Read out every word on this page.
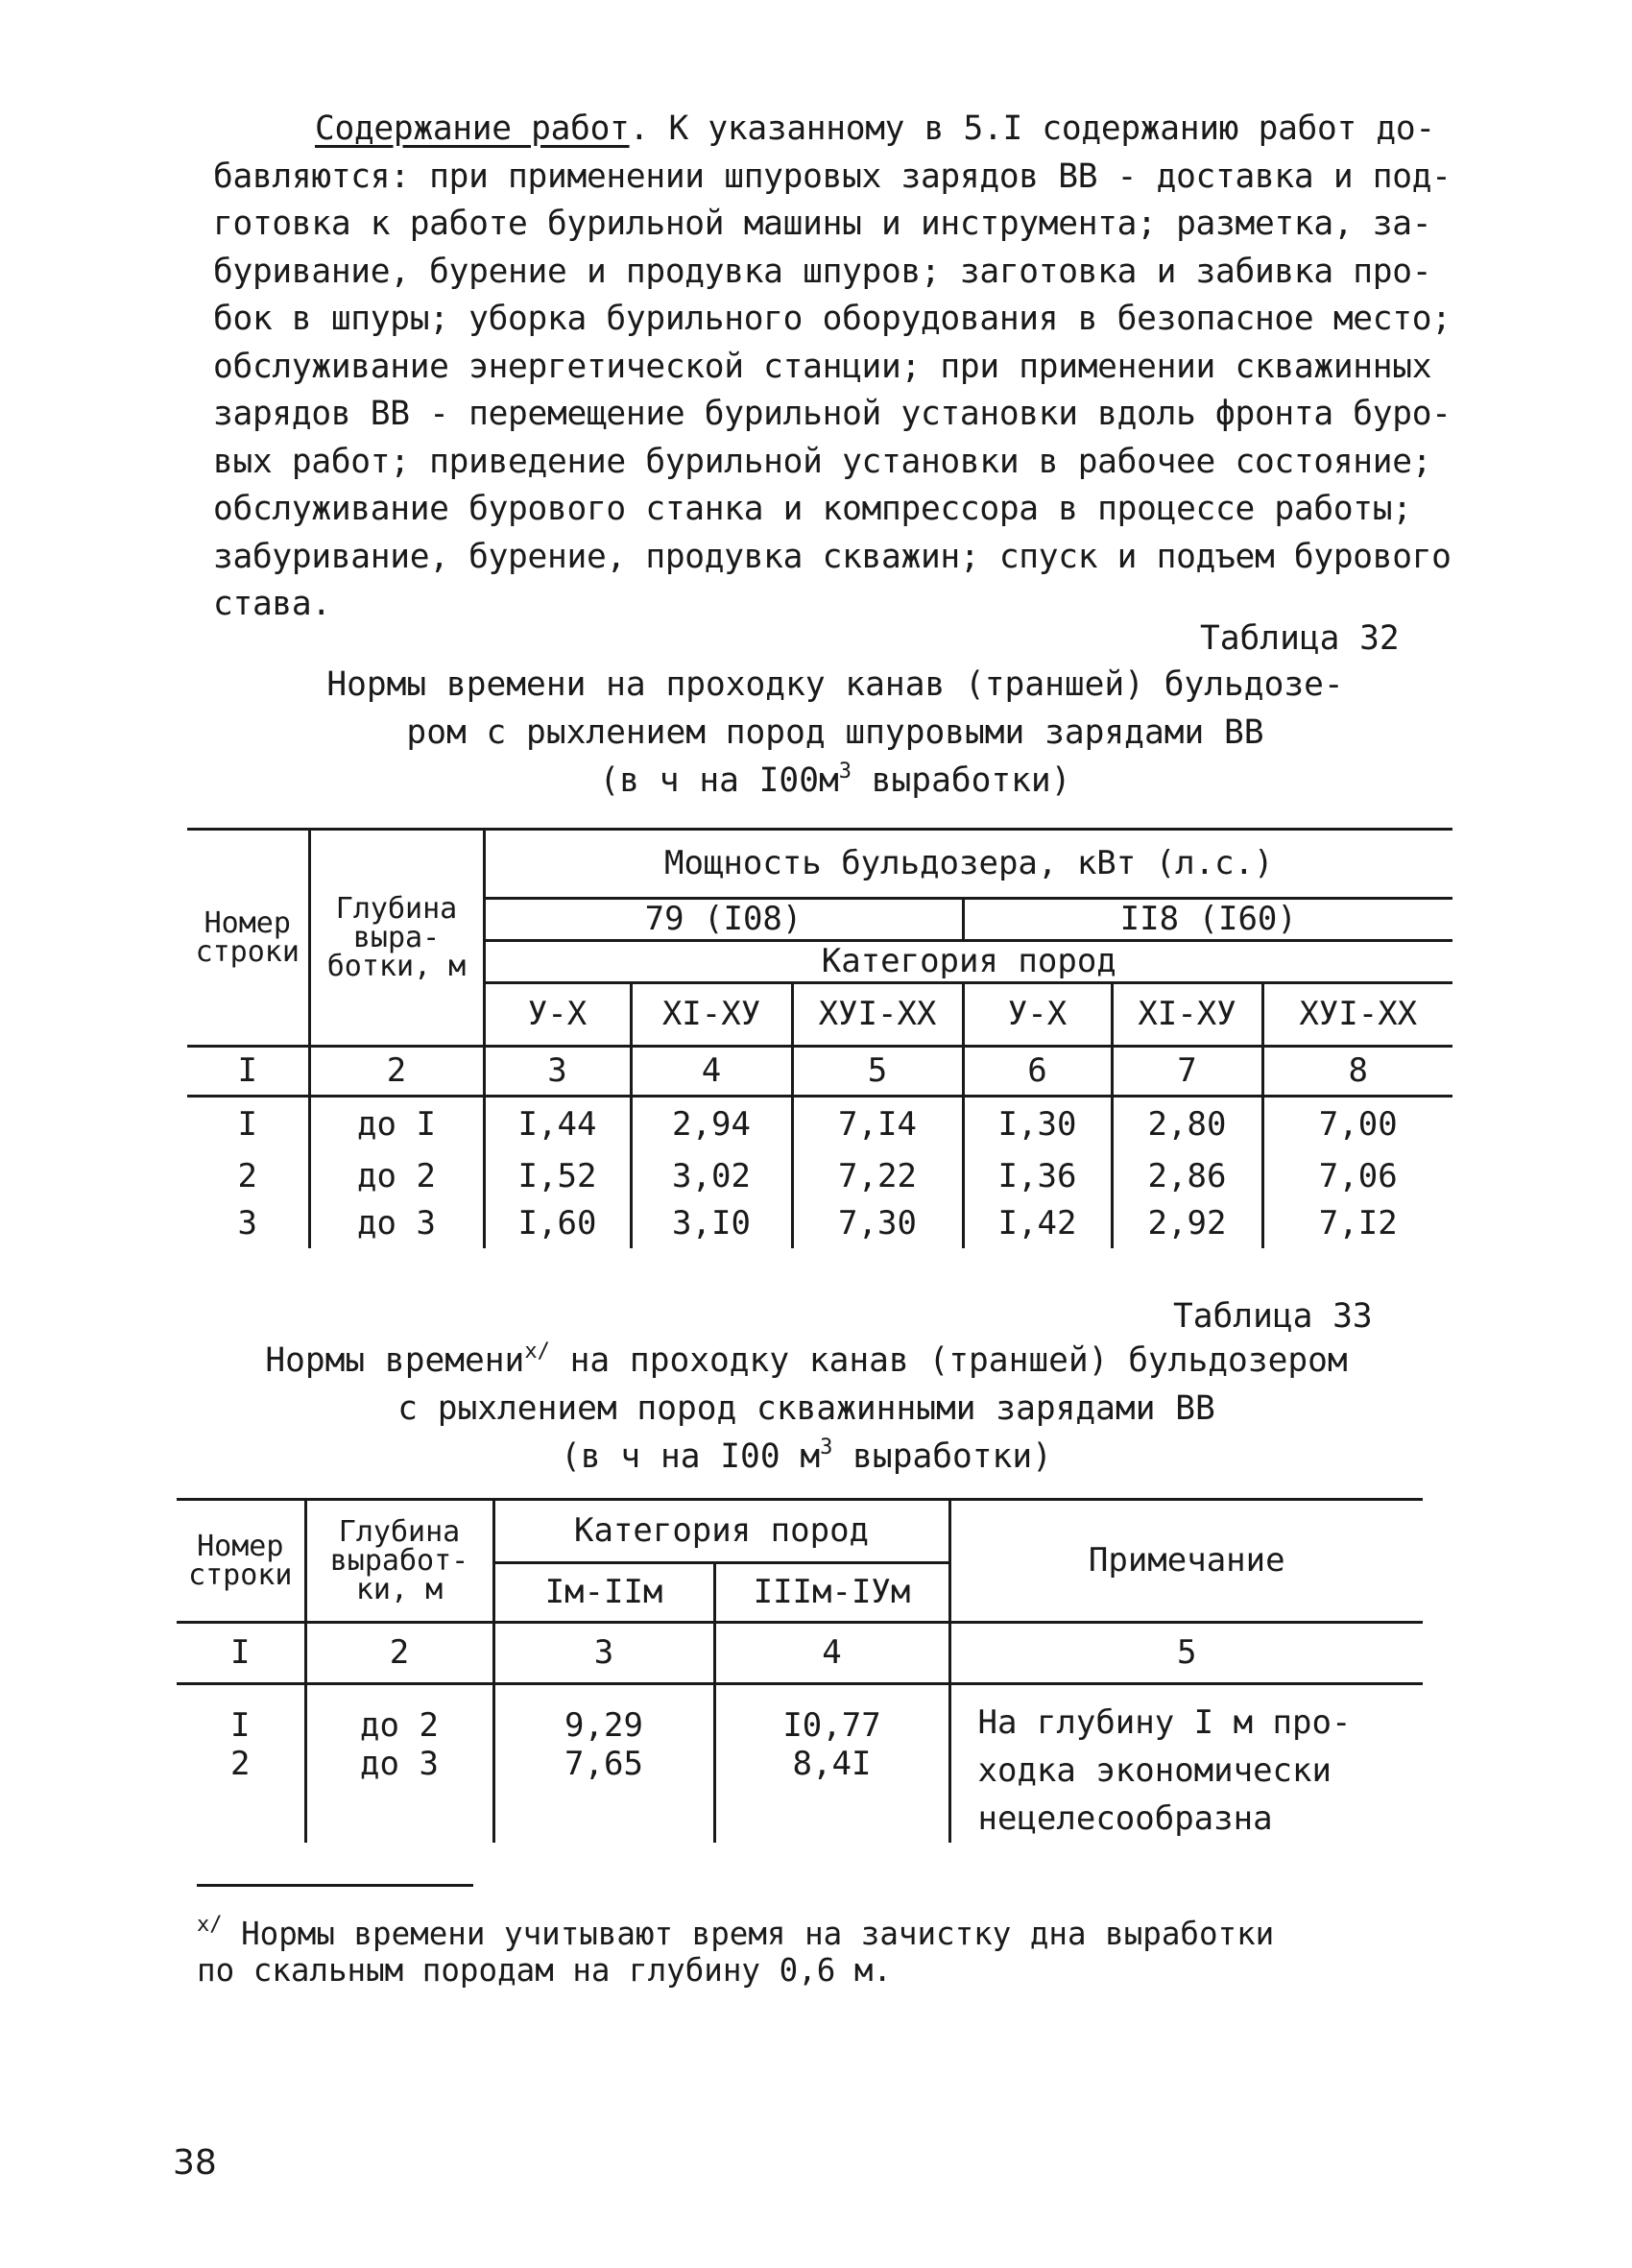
Содержание работ. К указанному в 5.I содержанию работ до-
бавляются: при применении шпуровых зарядов ВВ - доставка и под-
готовка к работе бурильной машины и инструмента; разметка, за-
буривание, бурение и продувка шпуров; заготовка и забивка про-
бок в шпуры; уборка бурильного оборудования в безопасное место;
обслуживание энергетической станции; при применении скважинных
зарядов ВВ - перемещение бурильной установки вдоль фронта буро-
вых работ; приведение бурильной установки в рабочее состояние;
обслуживание бурового станка и компрессора в процессе работы;
забуривание, бурение, продувка скважин; спуск и подъем бурового
става.
Таблица 32
Нормы времени на проходку канав (траншей) бульдозе-
ром с рыхлением пород шпуровыми зарядами ВВ
(в ч на $I00м^3$ выработки)
Номер строки	Глубина выра- ботки, м	Мощность бульдозера, кВт (л.с.)					
		79 (I08)			II8 (I60)		
		Категория пород					
		У-Х	XI-ХУ	ХУI-ХХ	У-Х	XI-ХУ	ХУI-ХХ
I	2	3	4	5	6	7	8
I	до I	I,44	2,94	7,I4	I,30	2,80	7,00
2	до 2	I,52	3,02	7,22	I,36	2,86	7,06
3	до 3	I,60	3,I0	7,30	I,42	2,92	7,I2
Таблица 33
Нормы времени$^{x/}$ на проходку канав (траншей) бульдозером
с рыхлением пород скважинными зарядами ВВ
(в ч на I00 $м^3$ выработки)
Номер строки	Глубина выработ- ки, м	Категория пород		Примечание
		Iм-IIм	IIIм-IУм	
I	2	3	4	5
I	до 2	9,29	I0,77	На глубину I м про-
ходка экономически
нецелесообразна

2	до 3	7,65	8,4I	
$^{x/}$ Нормы времени учитывают время на зачистку дна выработки
по скальным породам на глубину 0,6 м.
38
